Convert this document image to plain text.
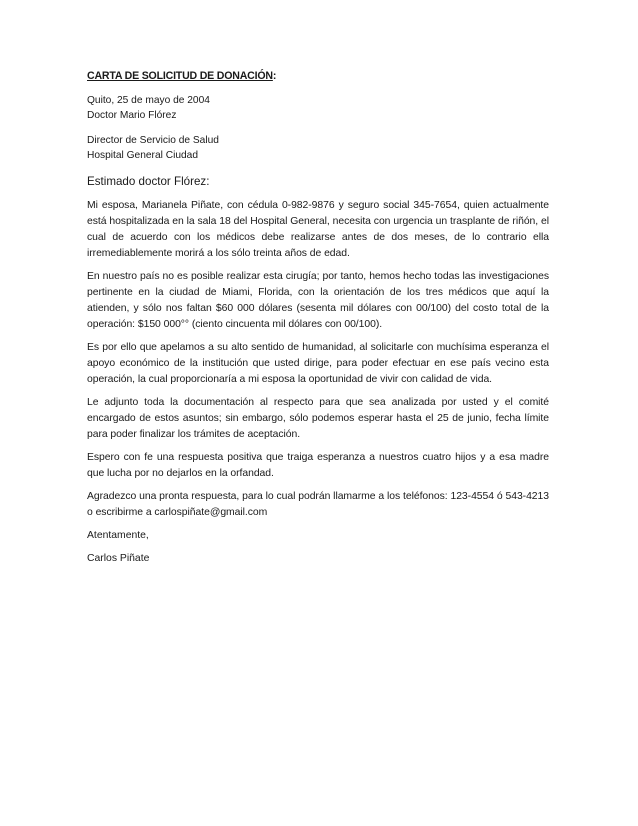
CARTA DE SOLICITUD DE DONACIÓN:

Quito, 25 de mayo de 2004

Doctor Mario Flórez

Director de Servicio de Salud

Hospital General Ciudad

Estimado doctor Flórez:

Mi esposa, Marianela Piñate, con cédula 0-982-9876 y seguro social 345-7654, quien actualmente está hospitalizada en la sala 18 del Hospital General, necesita con urgencia un trasplante de riñón, el cual de acuerdo con los médicos debe realizarse antes de dos meses, de lo contrario ella irremediablemente morirá a los sólo treinta años de edad.

En nuestro país no es posible realizar esta cirugía; por tanto, hemos hecho todas las investigaciones pertinente en la ciudad de Miami, Florida, con la orientación de los tres médicos que aquí la atienden, y sólo nos faltan $60 000 dólares (sesenta mil dólares con 00/100) del costo total de la operación: $150 000°° (ciento cincuenta mil dólares con 00/100).

Es por ello que apelamos a su alto sentido de humanidad, al solicitarle con muchísima esperanza el apoyo económico de la institución que usted dirige, para poder efectuar en ese país vecino esta operación, la cual proporcionaría a mi esposa la oportunidad de vivir con calidad de vida.

Le adjunto toda la documentación al respecto para que sea analizada por usted y el comité encargado de estos asuntos; sin embargo, sólo podemos esperar hasta el 25 de junio, fecha límite para poder finalizar los trámites de aceptación.

Espero con fe una respuesta positiva que traiga esperanza a nuestros cuatro hijos y a esa madre que lucha por no dejarlos en la orfandad.

Agradezco una pronta respuesta, para lo cual podrán llamarme a los teléfonos: 123-4554 ó 543-4213 o escribirme a carlospiñate@gmail.com

Atentamente,

Carlos Piñate
